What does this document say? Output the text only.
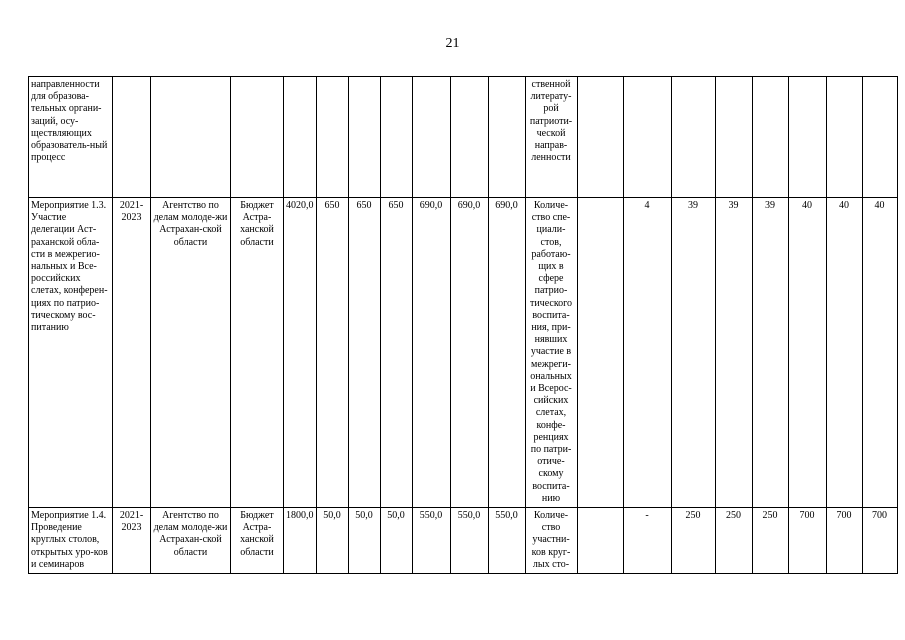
21
направленности для образова-тельных органи-заций, осу-ществляющих образователь-ный процесс											ственной литерату-рой патриоти-ческой направ-ленности								
Мероприятие 1.3. Участие делегации Аст-раханской обла-сти в межрегио-нальных и Все-российских слетах, конферен-циях по патрио-тическому вос-питанию	2021-2023	Агентство по делам молоде-жи Астрахан-ской области	Бюджет Астра-ханской области	4020,0	650	650	650	690,0	690,0	690,0	Количе-ство спе-циали-стов, работаю-щих в сфере патрио-тического воспита-ния, при-нявших участие в межреги-ональных и Всерос-сийских слетах, конфе-ренциях по патри-отиче-скому воспита-нию		4	39	39	39	40	40	40
Мероприятие 1.4. Проведение круглых столов, открытых уро-ков и семинаров	2021-2023	Агентство по делам молоде-жи Астрахан-ской области	Бюджет Астра-ханской области	1800,0	50,0	50,0	50,0	550,0	550,0	550,0	Количе-ство участни-ков круг-лых сто-		-	250	250	250	700	700	700
